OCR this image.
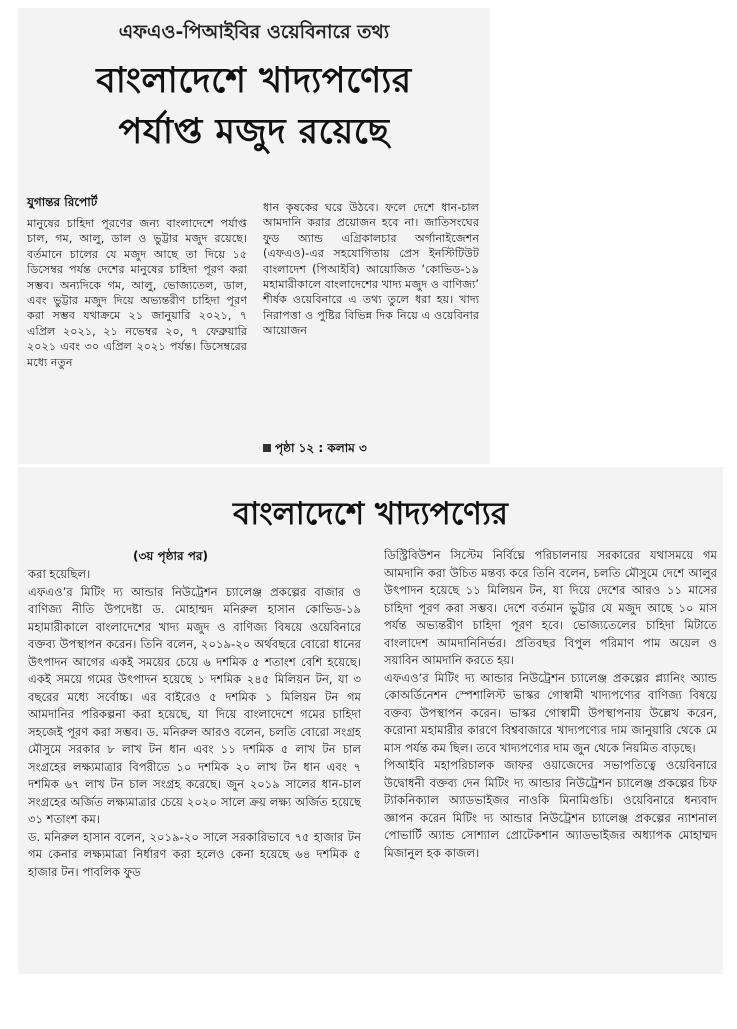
এফএও-পিআইবির ওয়েবিনারে তথ্য
বাংলাদেশে খাদ্যপণ্যের
পর্যাপ্ত মজুদ রয়েছে
যুগান্তর রিপোর্ট

মানুষের চাহিদা পূরণের জন্য বাংলাদেশে পর্যাপ্ত চাল, গম, আলু, ডাল ও ভুট্টার মজুদ রয়েছে। বর্তমানে চালের যে মজুদ আছে তা দিয়ে ১৫ ডিসেম্বর পর্যন্ত দেশের মানুষের চাহিদা পূরণ করা সম্ভব। অন্যদিকে গম, আলু, ভোজ্যতেল, ডাল, এবং ভুট্টার মজুদ দিয়ে অভ্যন্তরীণ চাহিদা পূরণ করা সম্ভব যথাক্রমে ২১ জানুয়ারি ২০২১, ৭ এপ্রিল ২০২১, ২১ নভেম্বর ২০, ৭ ফেব্রুয়ারি ২০২১ এবং ৩০ এপ্রিল ২০২১ পর্যন্ত। ডিসেম্বরের মধ্যে নতুন

ধান কৃষকের ঘরে উঠবে। ফলে দেশে ধান-চাল আমদানি করার প্রয়োজন হবে না। জাতিসংঘের ফুড অ্যান্ড এগ্রিকালচার অর্গানাইজেশন (এফএও)-এর সহযোগিতায় প্রেস ইনস্টিটিউট বাংলাদেশ (পিআইবি) আয়োজিত ‘কোভিড-১৯ মহামারীকালে বাংলাদেশের খাদ্য মজুদ ও বাণিজ্য’ শীর্ষক ওয়েবিনারে এ তথ্য তুলে ধরা হয়। খাদ্য নিরাপত্তা ও পুষ্টির বিভিন্ন দিক নিয়ে এ ওয়েবিনার আয়োজন

পৃষ্ঠা ১২ : কলাম ৩
বাংলাদেশে খাদ্যপণ্যের
(৩য় পৃষ্ঠার পর)

করা হয়েছিল।

এফএও’র মিটিং দ্য আন্ডার নিউট্রেশন চ্যালেঞ্জ প্রকল্পের বাজার ও বাণিজ্য নীতি উপদেষ্টা ড. মোহাম্মদ মনিরুল হাসান কোভিড-১৯ মহামারীকালে বাংলাদেশের খাদ্য মজুদ ও বাণিজ্য বিষয়ে ওয়েবিনারে বক্তব্য উপস্থাপন করেন। তিনি বলেন, ২০১৯-২০ অর্থবছরে বোরো ধানের উৎপাদন আগের একই সময়ের চেয়ে ৬ দশমিক ৫ শতাংশ বেশি হয়েছে। একই সময়ে গমের উৎপাদন হয়েছে ১ দশমিক ২৪৫ মিলিয়ন টন, যা ৩ বছরের মধ্যে সর্বোচ্চ। এর বাইরেও ৫ দশমিক ১ মিলিয়ন টন গম আমদানির পরিকল্পনা করা হয়েছে, যা দিয়ে বাংলাদেশে গমের চাহিদা সহজেই পূরণ করা সম্ভব। ড. মনিরুল আরও বলেন, চলতি বোরো সংগ্রহ মৌসুমে সরকার ৮ লাখ টন ধান এবং ১১ দশমিক ৫ লাখ টন চাল সংগ্রহের লক্ষ্যমাত্রার বিপরীতে ১০ দশমিক ২০ লাখ টন ধান এবং ৭ দশমিক ৬৭ লাখ টন চাল সংগ্রহ করেছে। জুন ২০১৯ সালের ধান-চাল সংগ্রহের অর্জিত লক্ষ্যমাত্রার চেয়ে ২০২০ সালে ক্রয় লক্ষ্য অর্জিত হয়েছে ৩১ শতাংশ কম।

ড. মনিরুল হাসান বলেন, ২০১৯-২০ সালে সরকারিভাবে ৭৫ হাজার টন গম কেনার লক্ষ্যমাত্রা নির্ধারণ করা হলেও কেনা হয়েছে ৬৪ দশমিক ৫ হাজার টন। পাবলিক ফুড

ডিস্ট্রিবিউশন সিস্টেম নির্বিঘ্নে পরিচালনায় সরকারের যথাসময়ে গম আমদানি করা উচিত মন্তব্য করে তিনি বলেন, চলতি মৌসুমে দেশে আলুর উৎপাদন হয়েছে ১১ মিলিয়ন টন, যা দিয়ে দেশের আরও ১১ মাসের চাহিদা পূরণ করা সম্ভব। দেশে বর্তমান ভুট্টার যে মজুদ আছে ১০ মাস পর্যন্ত অভ্যন্তরীণ চাহিদা পূরণ হবে। ভোজ্যতেলের চাহিদা মিটাতে বাংলাদেশ আমদানিনির্ভর। প্রতিবছর বিপুল পরিমাণ পাম অয়েল ও সয়াবিন আমদানি করতে হয়।

এফএও’র মিটিং দ্য আন্ডার নিউট্রেশন চ্যালেঞ্জ প্রকল্পের প্ল্যানিং অ্যান্ড কোঅর্ডিনেশন স্পেশালিস্ট ভাস্কর গোস্বামী খাদ্যপণ্যের বাণিজ্য বিষয়ে বক্তব্য উপস্থাপন করেন। ভাস্কর গোস্বামী উপস্থাপনায় উল্লেখ করেন, করোনা মহামারীর কারণে বিশ্ববাজারে খাদ্যপণ্যের দাম জানুয়ারি থেকে মে মাস পর্যন্ত কম ছিল। তবে খাদ্যপণ্যের দাম জুন থেকে নিয়মিত বাড়ছে।

পিআইবি মহাপরিচালক জাফর ওয়াজেদের সভাপতিত্বে ওয়েবিনারে উদ্বোধনী বক্তব্য দেন মিটিং দ্য আন্ডার নিউট্রেশন চ্যালেঞ্জ প্রকল্পের চিফ ট্যাকনিক্যাল অ্যাডভাইজর নাওকি মিনামিগুচি। ওয়েবিনারে ধন্যবাদ জ্ঞাপন করেন মিটিং দ্য আন্ডার নিউট্রেশন চ্যালেঞ্জ প্রকল্পের ন্যাশনাল পোভার্টি অ্যান্ড সোশ্যাল প্রোটেকশান অ্যাডভাইজর অধ্যাপক মোহাম্মদ মিজানুল হক কাজল।
